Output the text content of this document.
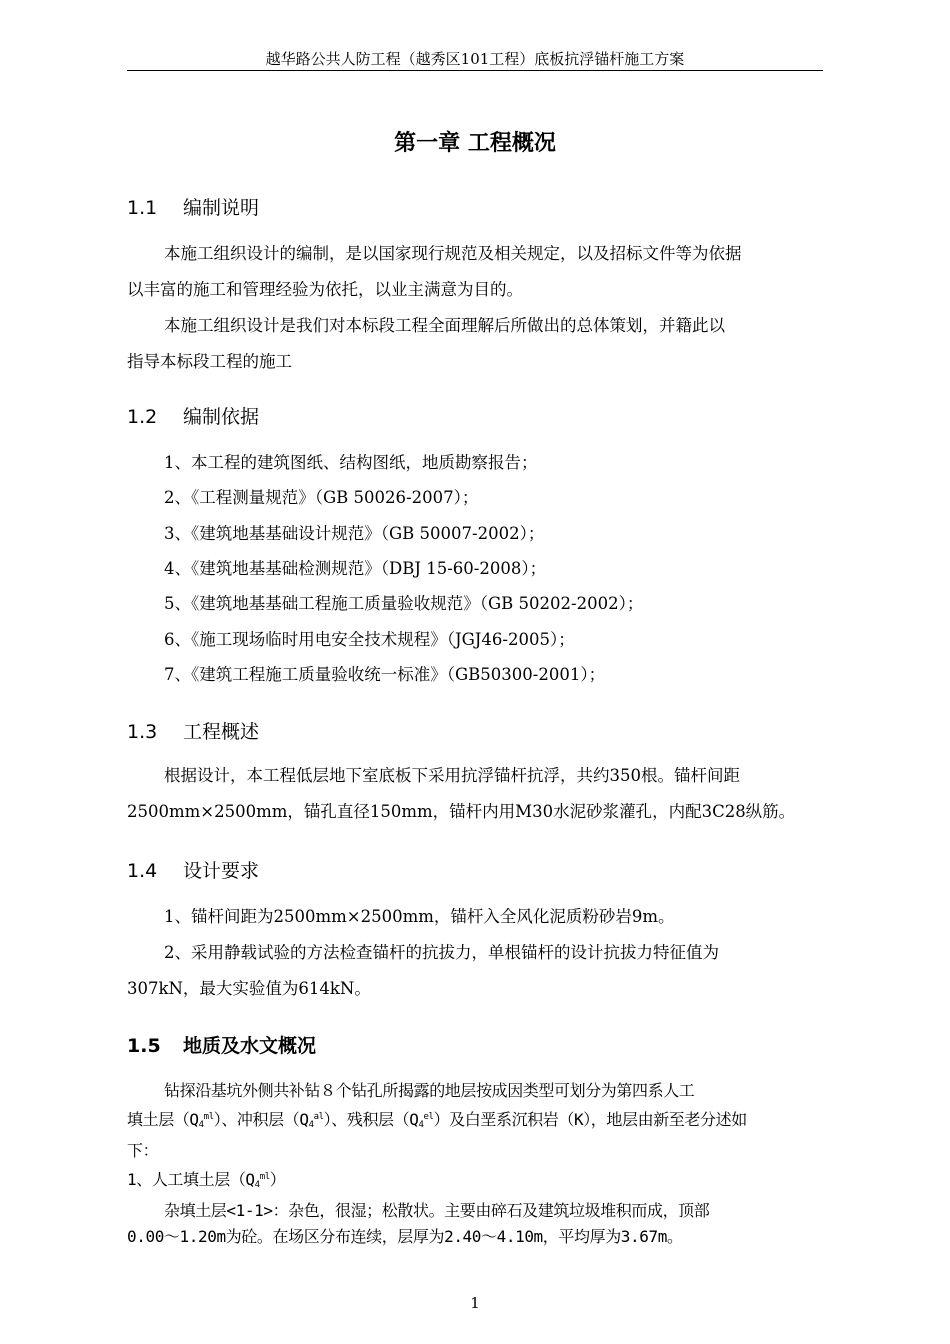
越华路公共人防工程（越秀区101工程）底板抗浮锚杆施工方案
第一章 工程概况
1.1 编制说明
本施工组织设计的编制，是以国家现行规范及相关规定，以及招标文件等为依据
以丰富的施工和管理经验为依托，以业主满意为目的。
本施工组织设计是我们对本标段工程全面理解后所做出的总体策划，并籍此以
指导本标段工程的施工
1.2 编制依据
1、本工程的建筑图纸、结构图纸，地质勘察报告；
2、《工程测量规范》（GB 50026-2007）；
3、《建筑地基基础设计规范》（GB 50007-2002）；
4、《建筑地基基础检测规范》（DBJ 15-60-2008）；
5、《建筑地基基础工程施工质量验收规范》（GB 50202-2002）；
6、《施工现场临时用电安全技术规程》（JGJ46-2005）；
7、《建筑工程施工质量验收统一标准》（GB50300-2001）；
1.3 工程概述
根据设计，本工程低层地下室底板下采用抗浮锚杆抗浮，共约350根。锚杆间距
2500mm×2500mm，锚孔直径150mm，锚杆内用M30水泥砂浆灌孔，内配3C28纵筋。
1.4 设计要求
1、锚杆间距为2500mm×2500mm，锚杆入全风化泥质粉砂岩9m。
2、采用静载试验的方法检查锚杆的抗拔力，单根锚杆的设计抗拔力特征值为
307kN，最大实验值为614kN。
1.5 地质及水文概况
钻探沿基坑外侧共补钻８个钻孔所揭露的地层按成因类型可划分为第四系人工
填土层$(Q_4^{ml})$、冲积层$(Q_4^{al})$、残积层$(Q_4^{el})$及白垩系沉积岩（K），地层由新至老分述如
下：
1、人工填土层$(Q_4^{ml})$
杂填土层<1-1>：杂色，很湿；松散状。主要由碎石及建筑垃圾堆积而成，顶部
0.00～1.20m为砼。在场区分布连续，层厚为2.40～4.10m，平均厚为3.67m。
1
